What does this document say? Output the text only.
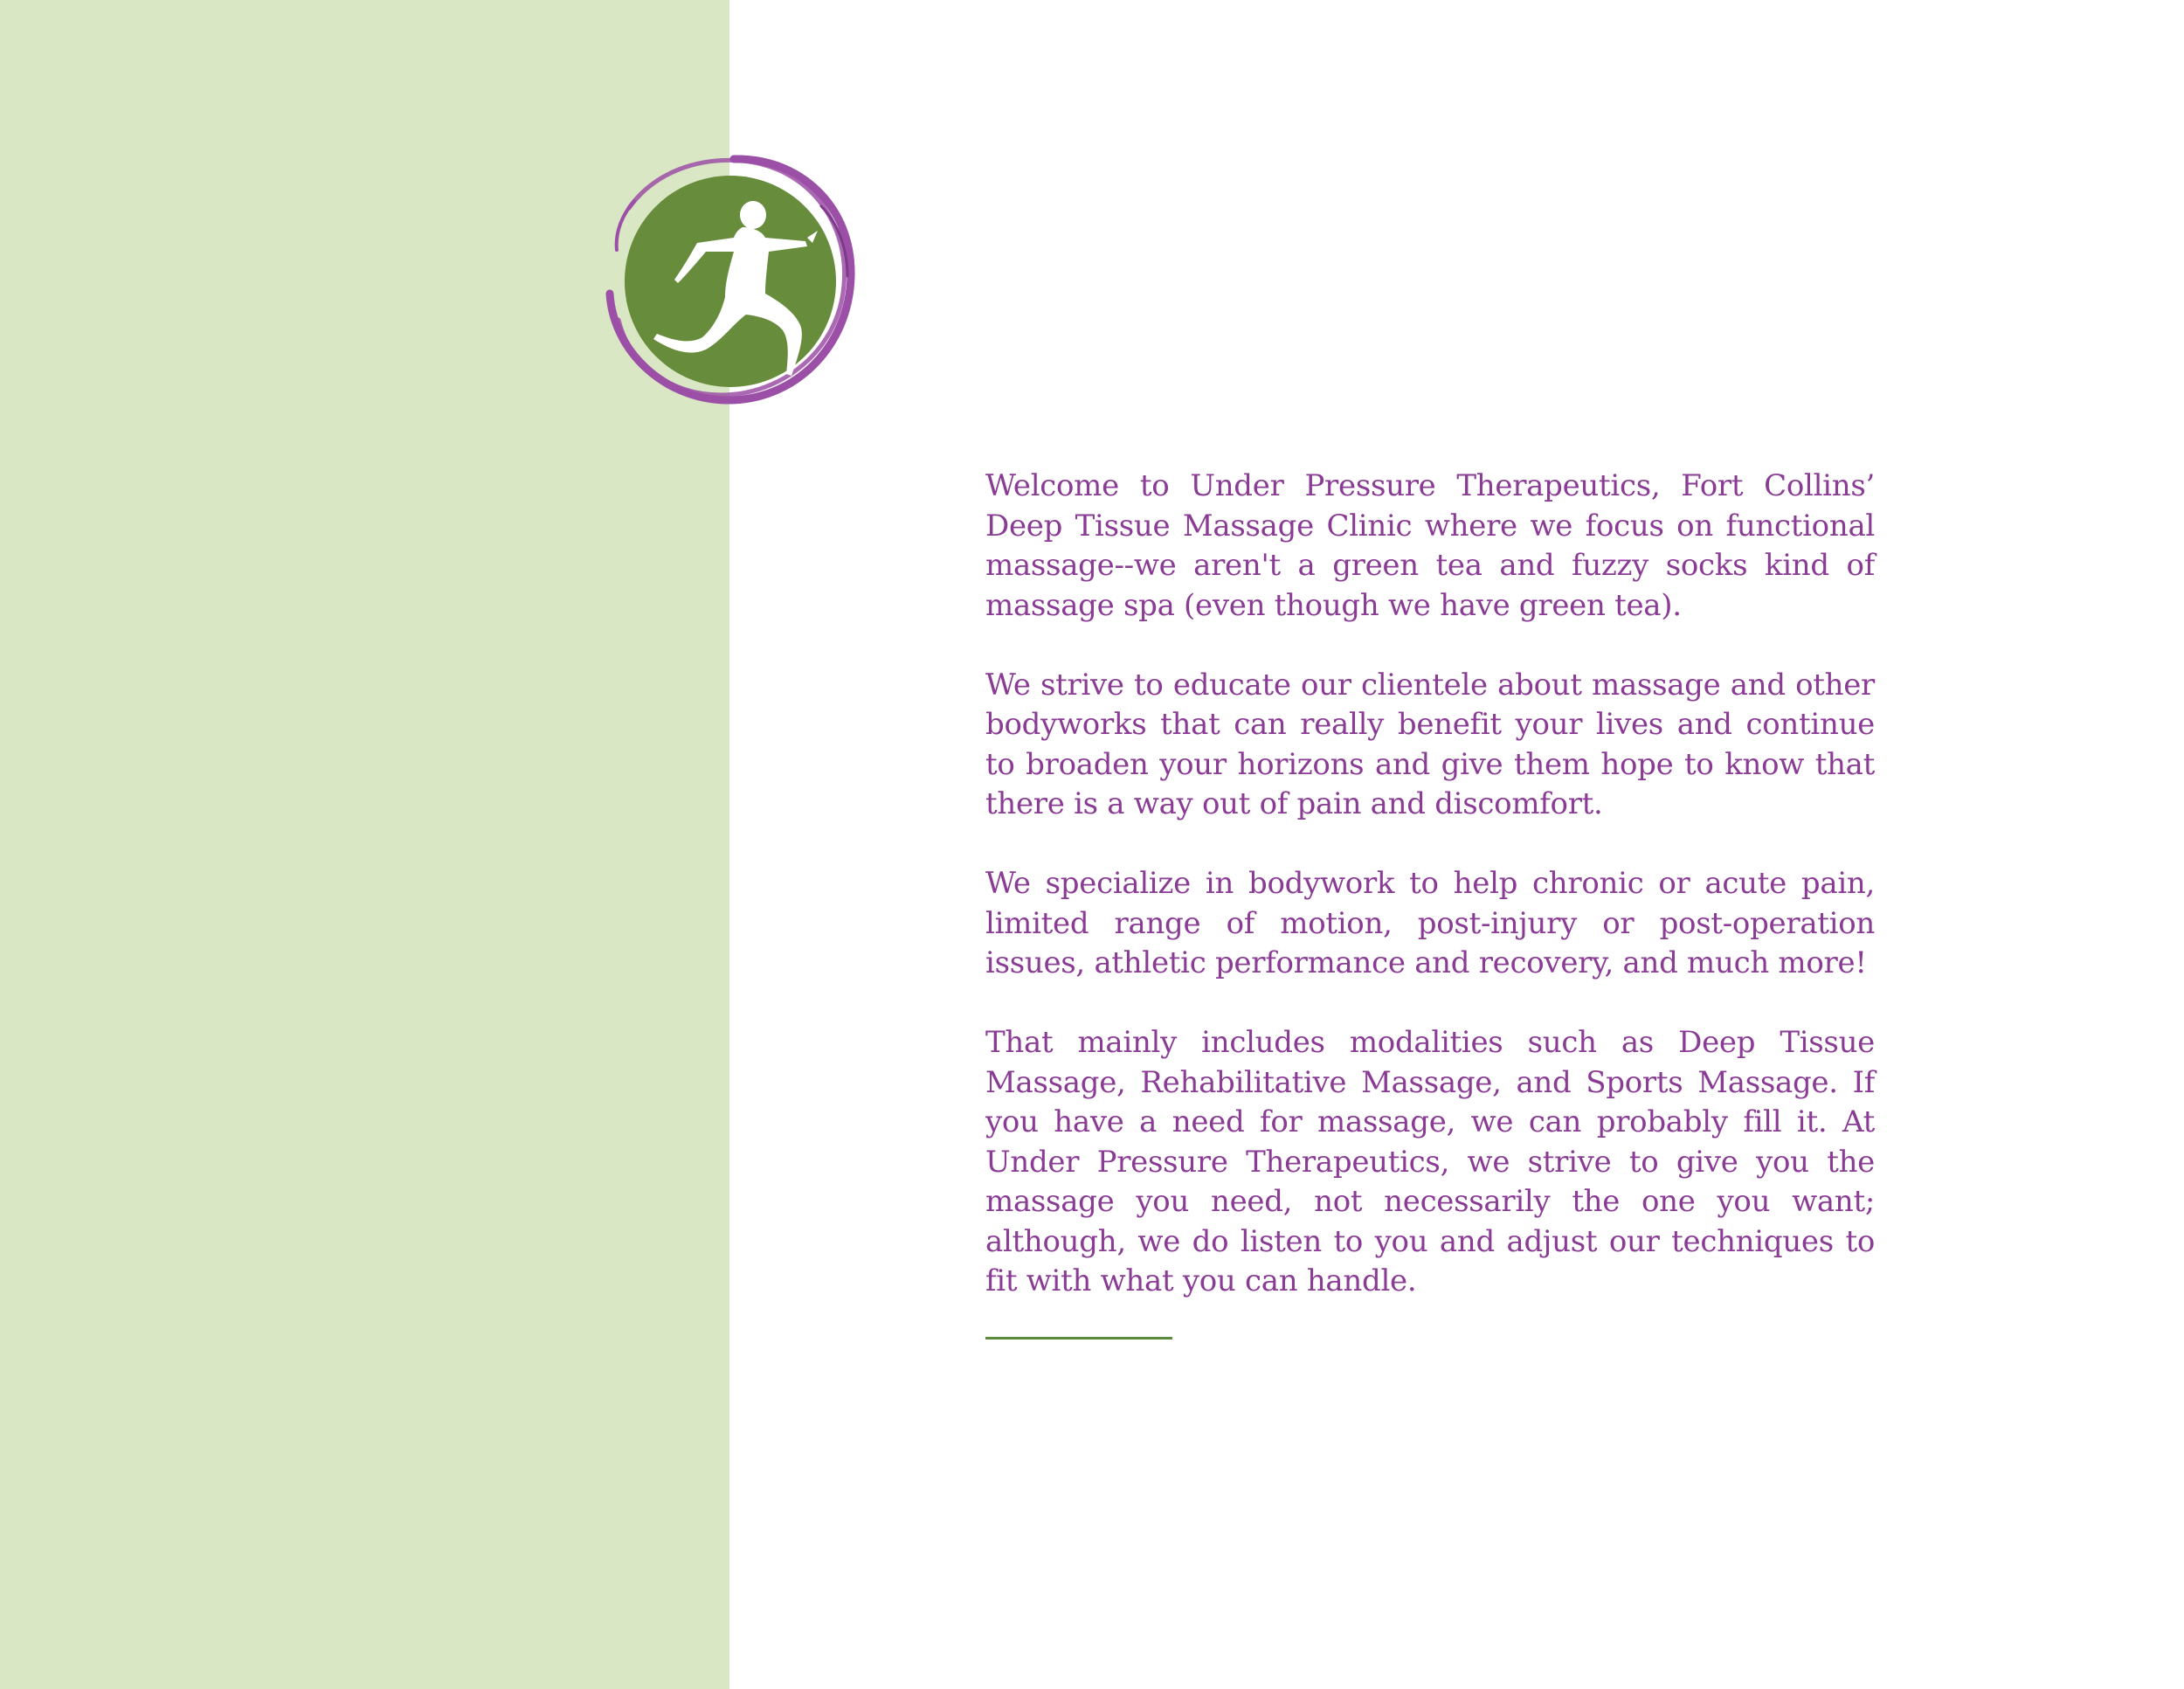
Welcome to Under Pressure Therapeutics, Fort Collins’ Deep Tissue Massage Clinic where we focus on functional massage--we aren't a green tea and fuzzy socks kind of massage spa (even though we have green tea).

We strive to educate our clientele about massage and other bodyworks that can really benefit your lives and continue to broaden your horizons and give them hope to know that there is a way out of pain and discomfort.

We specialize in bodywork to help chronic or acute pain, limited range of motion, post-injury or post-operation issues, athletic performance and recovery, and much more!

That mainly includes modalities such as Deep Tissue Massage, Rehabilitative Massage, and Sports Massage. If you have a need for massage, we can probably fill it. At Under Pressure Therapeutics, we strive to give you the massage you need, not necessarily the one you want; although, we do listen to you and adjust our techniques to fit with what you can handle.
